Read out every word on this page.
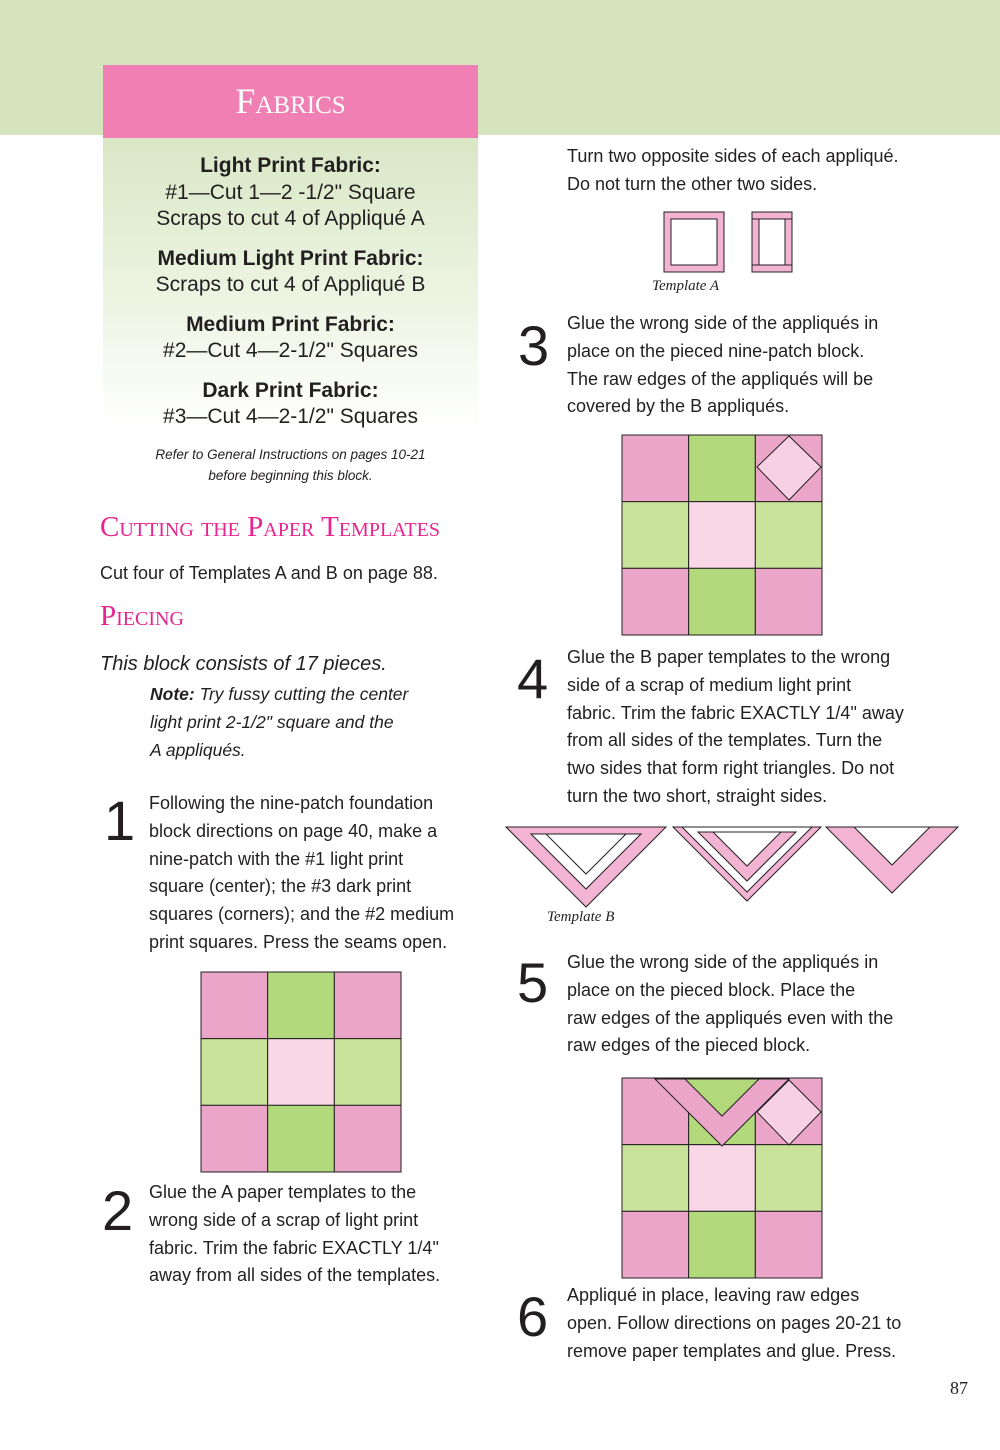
Fabrics
Light Print Fabric:
#1—Cut 1—2 -1/2" Square
Scraps to cut 4 of Appliqué A
Medium Light Print Fabric:
Scraps to cut 4 of Appliqué B
Medium Print Fabric:
#2—Cut 4—2-1/2" Squares
Dark Print Fabric:
#3—Cut 4—2-1/2" Squares
Refer to General Instructions on pages 10-21
before beginning this block.
Cutting the Paper Templates
Cut four of Templates A and B on page 88.
Piecing
This block consists of 17 pieces.
Note: Try fussy cutting the center
light print 2-1/2" square and the
A appliqués.
1 Following the nine-patch foundation
block directions on page 40, make a
nine-patch with the #1 light print
square (center); the #3 dark print
squares (corners); and the #2 medium
print squares. Press the seams open.
2 Glue the A paper templates to the
wrong side of a scrap of light print
fabric. Trim the fabric EXACTLY 1/4"
away from all sides of the templates.
Turn two opposite sides of each appliqué.
Do not turn the other two sides.
Template A
3 Glue the wrong side of the appliqués in
place on the pieced nine-patch block.
The raw edges of the appliqués will be
covered by the B appliqués.
4 Glue the B paper templates to the wrong
side of a scrap of medium light print
fabric. Trim the fabric EXACTLY 1/4" away
from all sides of the templates. Turn the
two sides that form right triangles. Do not
turn the two short, straight sides.
Template B
5 Glue the wrong side of the appliqués in
place on the pieced block. Place the
raw edges of the appliqués even with the
raw edges of the pieced block.
6 Appliqué in place, leaving raw edges
open. Follow directions on pages 20-21 to
remove paper templates and glue. Press.
87
